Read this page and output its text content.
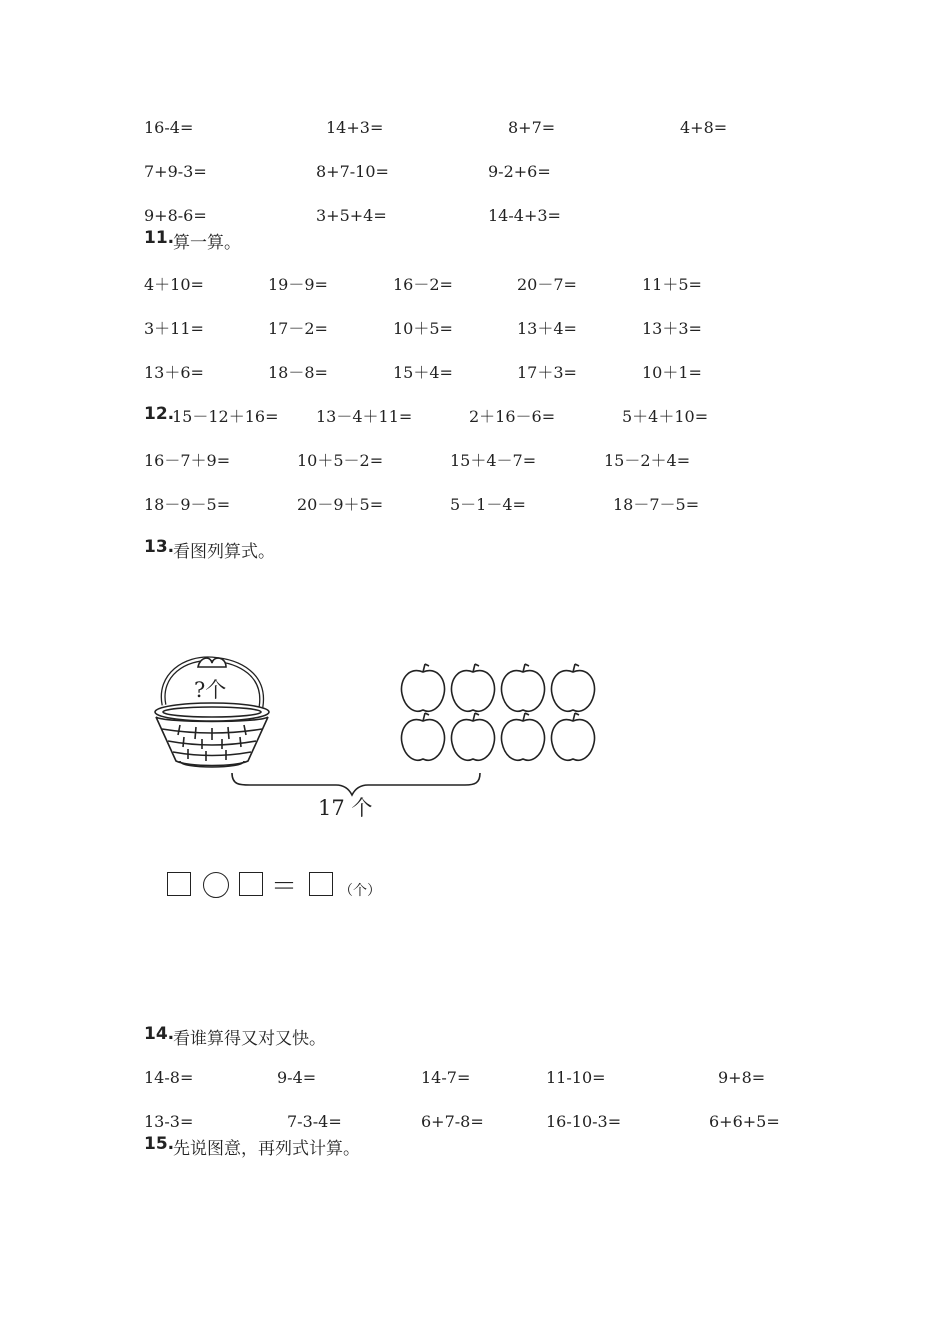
16-4=	14+3=	8+7=	4+8=
7+9-3=	8+7-10=	9-2+6=
9+8-6=	3+5+4=	14-4+3=
11.
算一算。
4＋10=	19－9=	16－2=	20－7=	11＋5=
3＋11=	17－2=	10＋5=	13＋4=	13＋3=
13＋6=	18－8=	15＋4=	17＋3=	10＋1=
12.
15－12＋16= 13－4＋11=	2＋16－6=	5＋4＋10=
16－7＋9=	10＋5－2=	15＋4－7=	15－2＋4=
18－9－5=	20－9＋5=	5－1－4=	18－7－5=
13.
看图列算式。
?个
17 个
＝	（个）
14.
看谁算得又对又快。
14-8=	9-4=	14-7=	11-10=	9+8=
13-3=	7-3-4=	6+7-8=	16-10-3=	6+6+5=
15.
先说图意，再列式计算。
